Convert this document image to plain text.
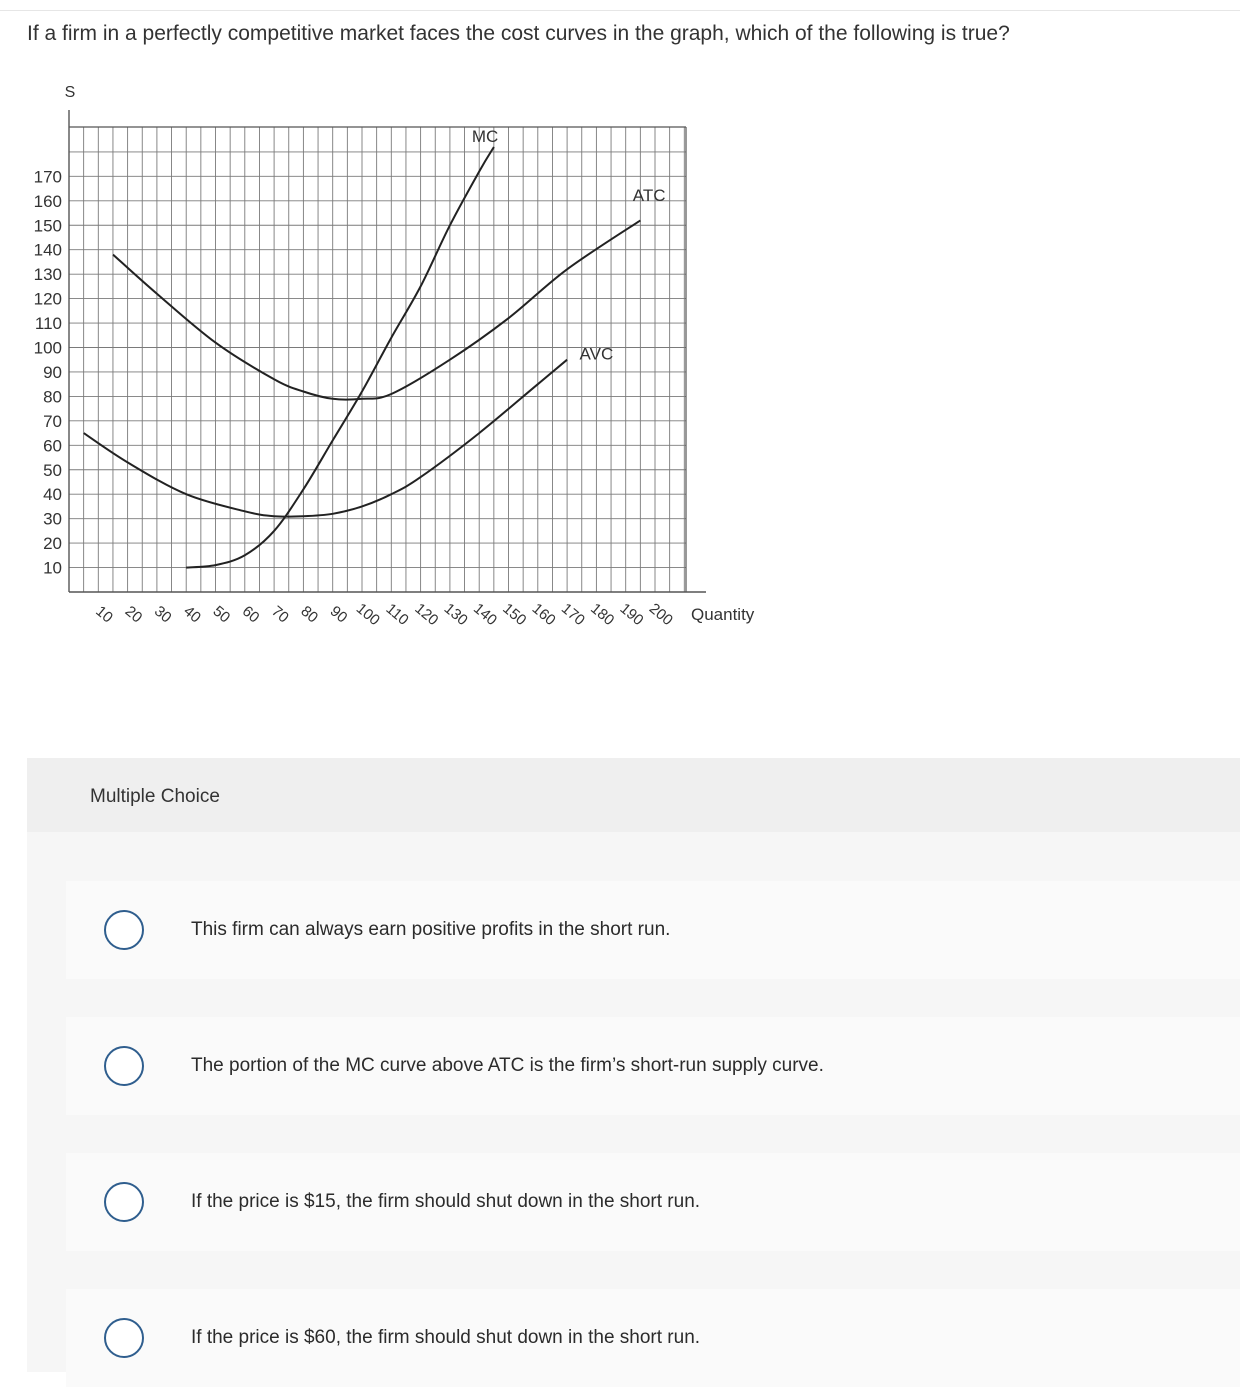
If a firm in a perfectly competitive market faces the cost curves in the graph, which of the following is true?
S
10
20
30
40
50
60
70
80
90
100
110
120
130
140
150
160
170
10 20 30 40 50 60 70 80 90 100 110 120 130 140 150 160 170 180 190 200 Quantity
MC
ATC
AVC
Multiple Choice
This firm can always earn positive profits in the short run.
The portion of the MC curve above ATC is the firm’s short-run supply curve.
If the price is $15, the firm should shut down in the short run.
If the price is $60, the firm should shut down in the short run.
